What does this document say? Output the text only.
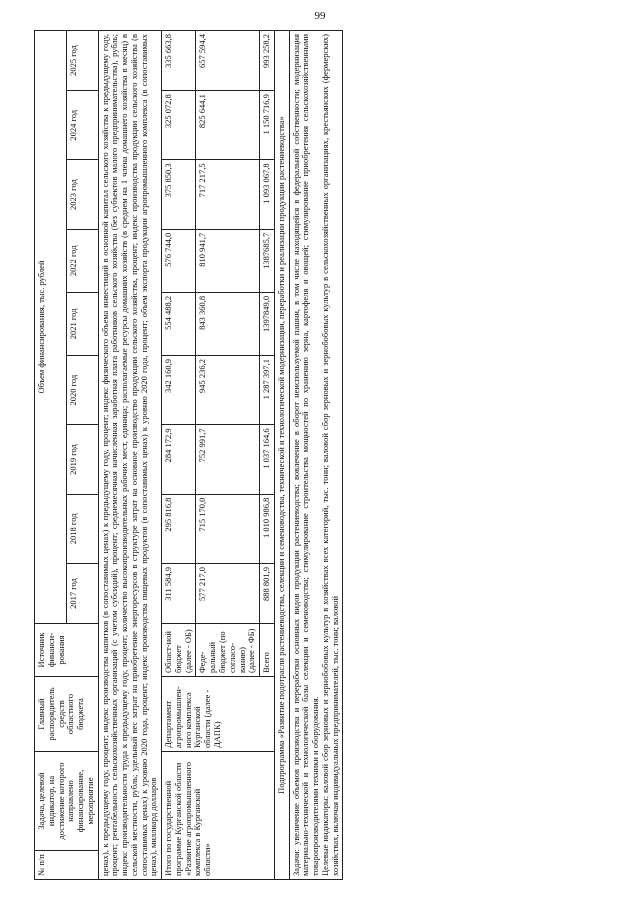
99
№ п/п	Задача, целевой индикатор, на достижение которого направлено финансирование, мероприятие	Главный распорядитель средств областного бюджета	Источник финанси-рования	Объем финансирования, тыс. рублей								
				2017 год	2018 год	2019 год	2020 год	2021 год	2022 год	2023 год	2024 год	2025 год
ценах), к предыдущему году, процент; индекс производства напитков (в сопоставимых ценах) к предыдущему году, процент; индекс физического объема инвестиций в основной капитал сельского хозяйства к предыдущему году, процент; рентабельность сельскохозяйственных организаций (с учетом субсидий), процент; среднемесячная начисленная заработная плата работников сельского хозяйства (без субъектов малого предпринимательства), рубль; индекс производительности труда к предыдущему году, процент; количество высокопроизводительных рабочих мест, единица; располагаемые ресурсы домашних хозяйств (в среднем на 1 члена домашнего хозяйства в месяц) в сельской местности, рубль; удельный вес затрат на приобретение энергоресурсов в структуре затрат на основное производство продукции сельского хозяйства, процент; индекс производства продукции сельского хозяйства (в сопоставимых ценах) к уровню 2020 года, процент; индекс производства пищевых продуктов (в сопоставимых ценах) к уровню 2020 года, процент; объем экспорта продукции агропромышленного комплекса (в сопоставимых ценах), миллиард долларов												
Итого по государственной программе Курганской области «Развитие агропромышленного комплекса в Курганской области»		Департамент агропромышлен-ного комплекса Курганской области (далее - ДАПК)	Област-ной бюджет (далее - ОБ)	311 584,9	295 816,8	284 172,9	342 160,9	554 488,2	576 744,0	375 850,3	325 072,8	335 663,8
			Феде-ральный бюджет (по согласо-ванию) (далее - ФБ)	577 217,0	715 170,0	752 991,7	945 236,2	843 360,8	810 941,7	717 217,5	825 644,1	657 594,4
			Всего	888 801,9	1 010 986,8	1 037 164,6	1 287 397,1	1397849,0	1387685,7	1 093 067,8	1 150 716,9	993 258,2
Подпрограмма «Развитие подотрасли растениеводства, селекции и семеноводства, технической и технологической модернизации, переработки и реализации продукции растениеводства»												
Задачи: увеличение объемов производства и переработки основных видов продукции растениеводства; вовлечение в оборот неиспользуемой пашни, в том числе находящейся в федеральной собственности; модернизация материально-технической и технологической базы селекции и семеноводства; стимулирование строительства мощностей по хранению зерна, картофеля и овощей; стимулирование приобретения сельскохозяйственными товаропроизводителями техники и оборудования.
Целевые индикаторы: валовой сбор зерновых и зернобобовых культур в хозяйствах всех категорий, тыс. тонн; валовой сбор зерновых и зернобобовых культур в сельскохозяйственных организациях, крестьянских (фермерских) хозяйствах, включая индивидуальных предпринимателей, тыс. тонн; валовой												
